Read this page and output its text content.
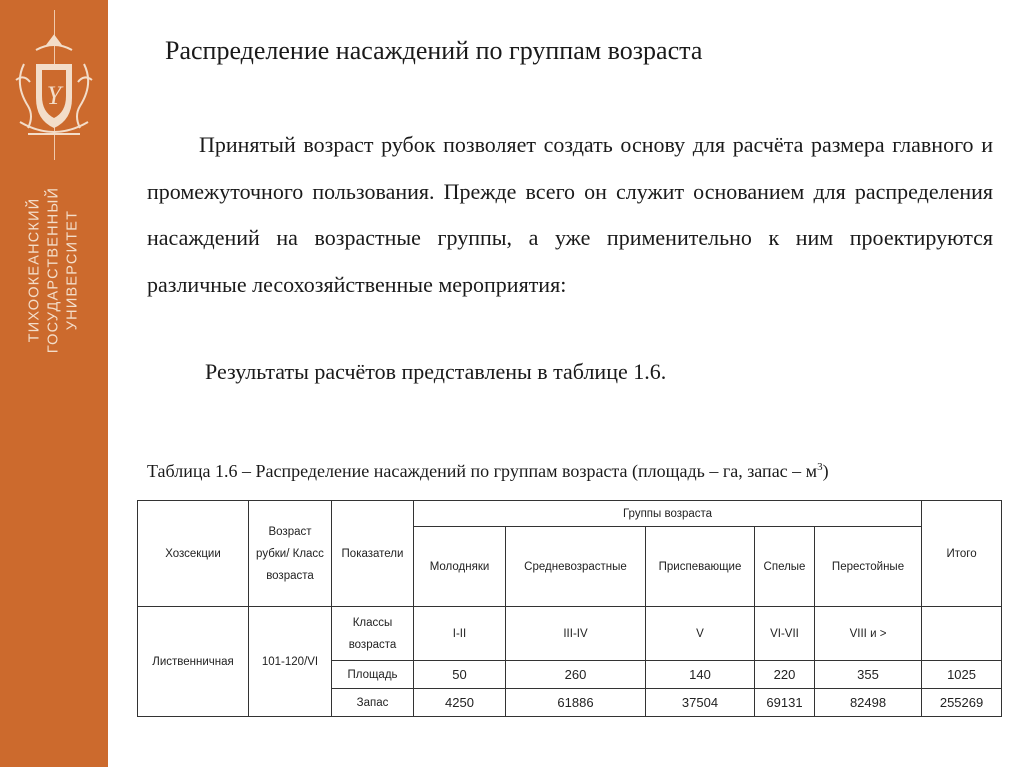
Y
ТИХООКЕАНСКИЙ ГОСУДАРСТВЕННЫЙ УНИВЕРСИТЕТ
Распределение насаждений по группам возраста

Принятый возраст рубок позволяет создать основу для расчёта размера главного и промежуточного пользования. Прежде всего он служит основанием для распределения насаждений на возрастные группы, а уже применительно к ним проектируются различные лесохозяйственные мероприятия:

Результаты расчётов представлены в таблице 1.6.

Таблица 1.6 – Распределение насаждений по группам возраста (площадь – га, запас – $м^3$)
Хозсекции	Возраст рубки/ Класс возраста	Показатели	Группы возраста					Итого
			Молодняки	Средневозрастные	Приспевающие	Спелые	Перестойные	
Лиственничная	101-120/VI	Классы возраста	I-II	III-IV	V	VI-VII	VIII и >	
		Площадь	50	260	140	220	355	1025
		Запас	4250	61886	37504	69131	82498	255269
